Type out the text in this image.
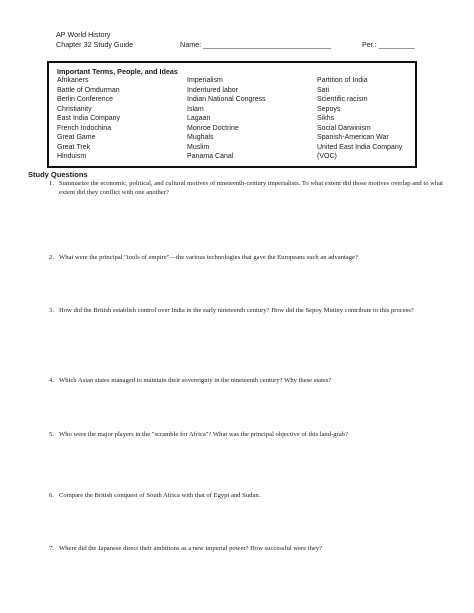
AP World History
Chapter 32 Study Guide	Name: ________________________________	Per.: _________
Important Terms, People, and Ideas
Afrikaners
Battle of Omdurman
Berlin Conference
Christianity
East India Company
French Indochina
Great Game
Great Trek
Hinduism
Imperialism
Indentured labor
Indian National Congress
Islam
Lagaan
Monroe Doctrine
Mughals
Muslim
Panama Canal
Partition of India
Sati
Scientific racism
Sepoys
Sikhs
Social Darwinism
Spanish-American War
United East India Company
(VOC)
Study Questions
1. Summarize the economic, political, and cultural motives of nineteenth-century imperialists. To what extent did those motives overlap and to what extent did they conflict with one another?
2. What were the principal "tools of empire"—the various technologies that gave the Europeans such an advantage?
3. How did the British establish control over India in the early nineteenth century? How did the Sepoy Mutiny contribute to this process?
4. Which Asian states managed to maintain their sovereignty in the nineteenth century? Why these states?
5. Who were the major players in the "scramble for Africa"? What was the principal objective of this land-grab?
6. Compare the British conquest of South Africa with that of Egypt and Sudan.
7. Where did the Japanese direct their ambitions as a new imperial power? How successful were they?
